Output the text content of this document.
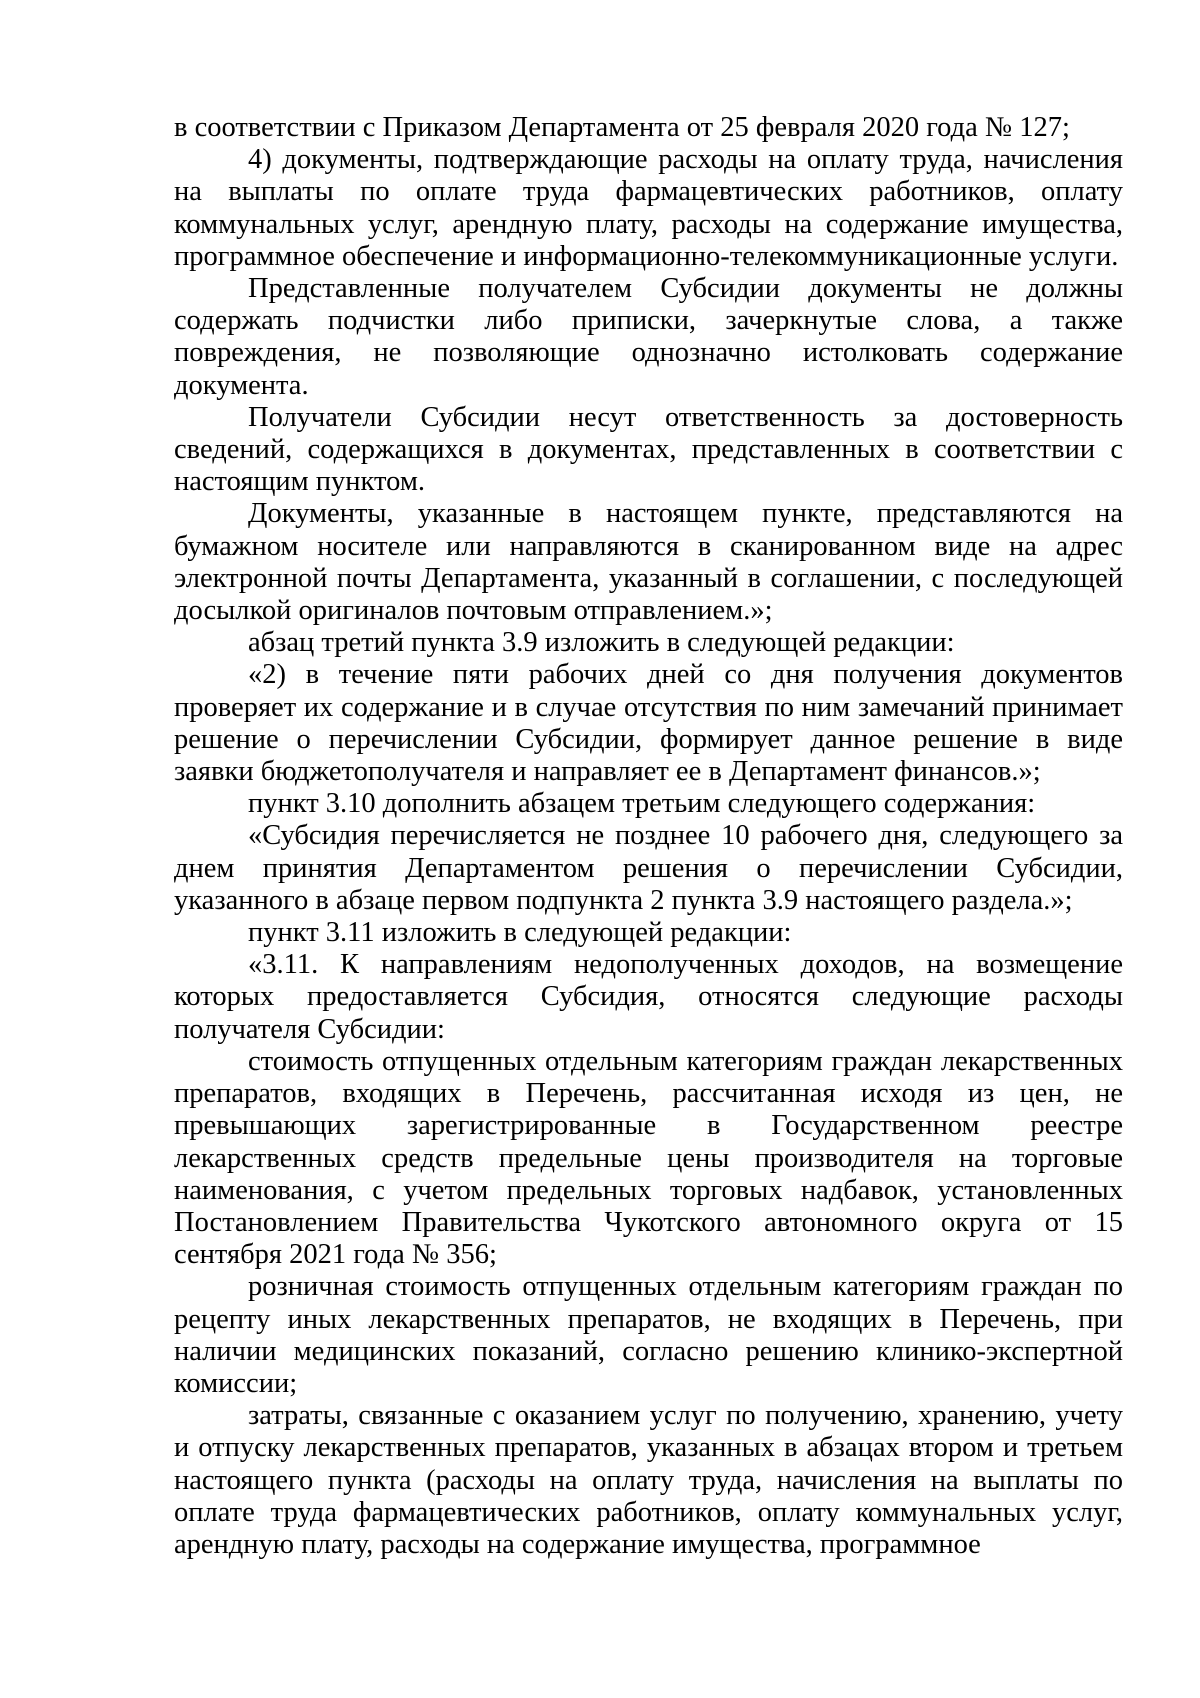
в соответствии с Приказом Департамента от 25 февраля 2020 года № 127;

4) документы, подтверждающие расходы на оплату труда, начисления на выплаты по оплате труда фармацевтических работников, оплату коммунальных услуг, арендную плату, расходы на содержание имущества, программное обеспечение и информационно-телекоммуникационные услуги.

Представленные получателем Субсидии документы не должны содержать подчистки либо приписки, зачеркнутые слова, а также повреждения, не позволяющие однозначно истолковать содержание документа.

Получатели Субсидии несут ответственность за достоверность сведений, содержащихся в документах, представленных в соответствии с настоящим пунктом.

Документы, указанные в настоящем пункте, представляются на бумажном носителе или направляются в сканированном виде на адрес электронной почты Департамента, указанный в соглашении, с последующей досылкой оригиналов почтовым отправлением.»;

абзац третий пункта 3.9 изложить в следующей редакции:

«2) в течение пяти рабочих дней со дня получения документов проверяет их содержание и в случае отсутствия по ним замечаний принимает решение о перечислении Субсидии, формирует данное решение в виде заявки бюджетополучателя и направляет ее в Департамент финансов.»;

пункт 3.10 дополнить абзацем третьим следующего содержания:

«Субсидия перечисляется не позднее 10 рабочего дня, следующего за днем принятия Департаментом решения о перечислении Субсидии, указанного в абзаце первом подпункта 2 пункта 3.9 настоящего раздела.»;

пункт 3.11 изложить в следующей редакции:

«3.11. К направлениям недополученных доходов, на возмещение которых предоставляется Субсидия, относятся следующие расходы получателя Субсидии:

стоимость отпущенных отдельным категориям граждан лекарственных препаратов, входящих в Перечень, рассчитанная исходя из цен, не превышающих зарегистрированные в Государственном реестре лекарственных средств предельные цены производителя на торговые наименования, с учетом предельных торговых надбавок, установленных Постановлением Правительства Чукотского автономного округа от 15 сентября 2021 года № 356;

розничная стоимость отпущенных отдельным категориям граждан по рецепту иных лекарственных препаратов, не входящих в Перечень, при наличии медицинских показаний, согласно решению клинико-экспертной комиссии;

затраты, связанные с оказанием услуг по получению, хранению, учету и отпуску лекарственных препаратов, указанных в абзацах втором и третьем настоящего пункта (расходы на оплату труда, начисления на выплаты по оплате труда фармацевтических работников, оплату коммунальных услуг, арендную плату, расходы на содержание имущества, программное
